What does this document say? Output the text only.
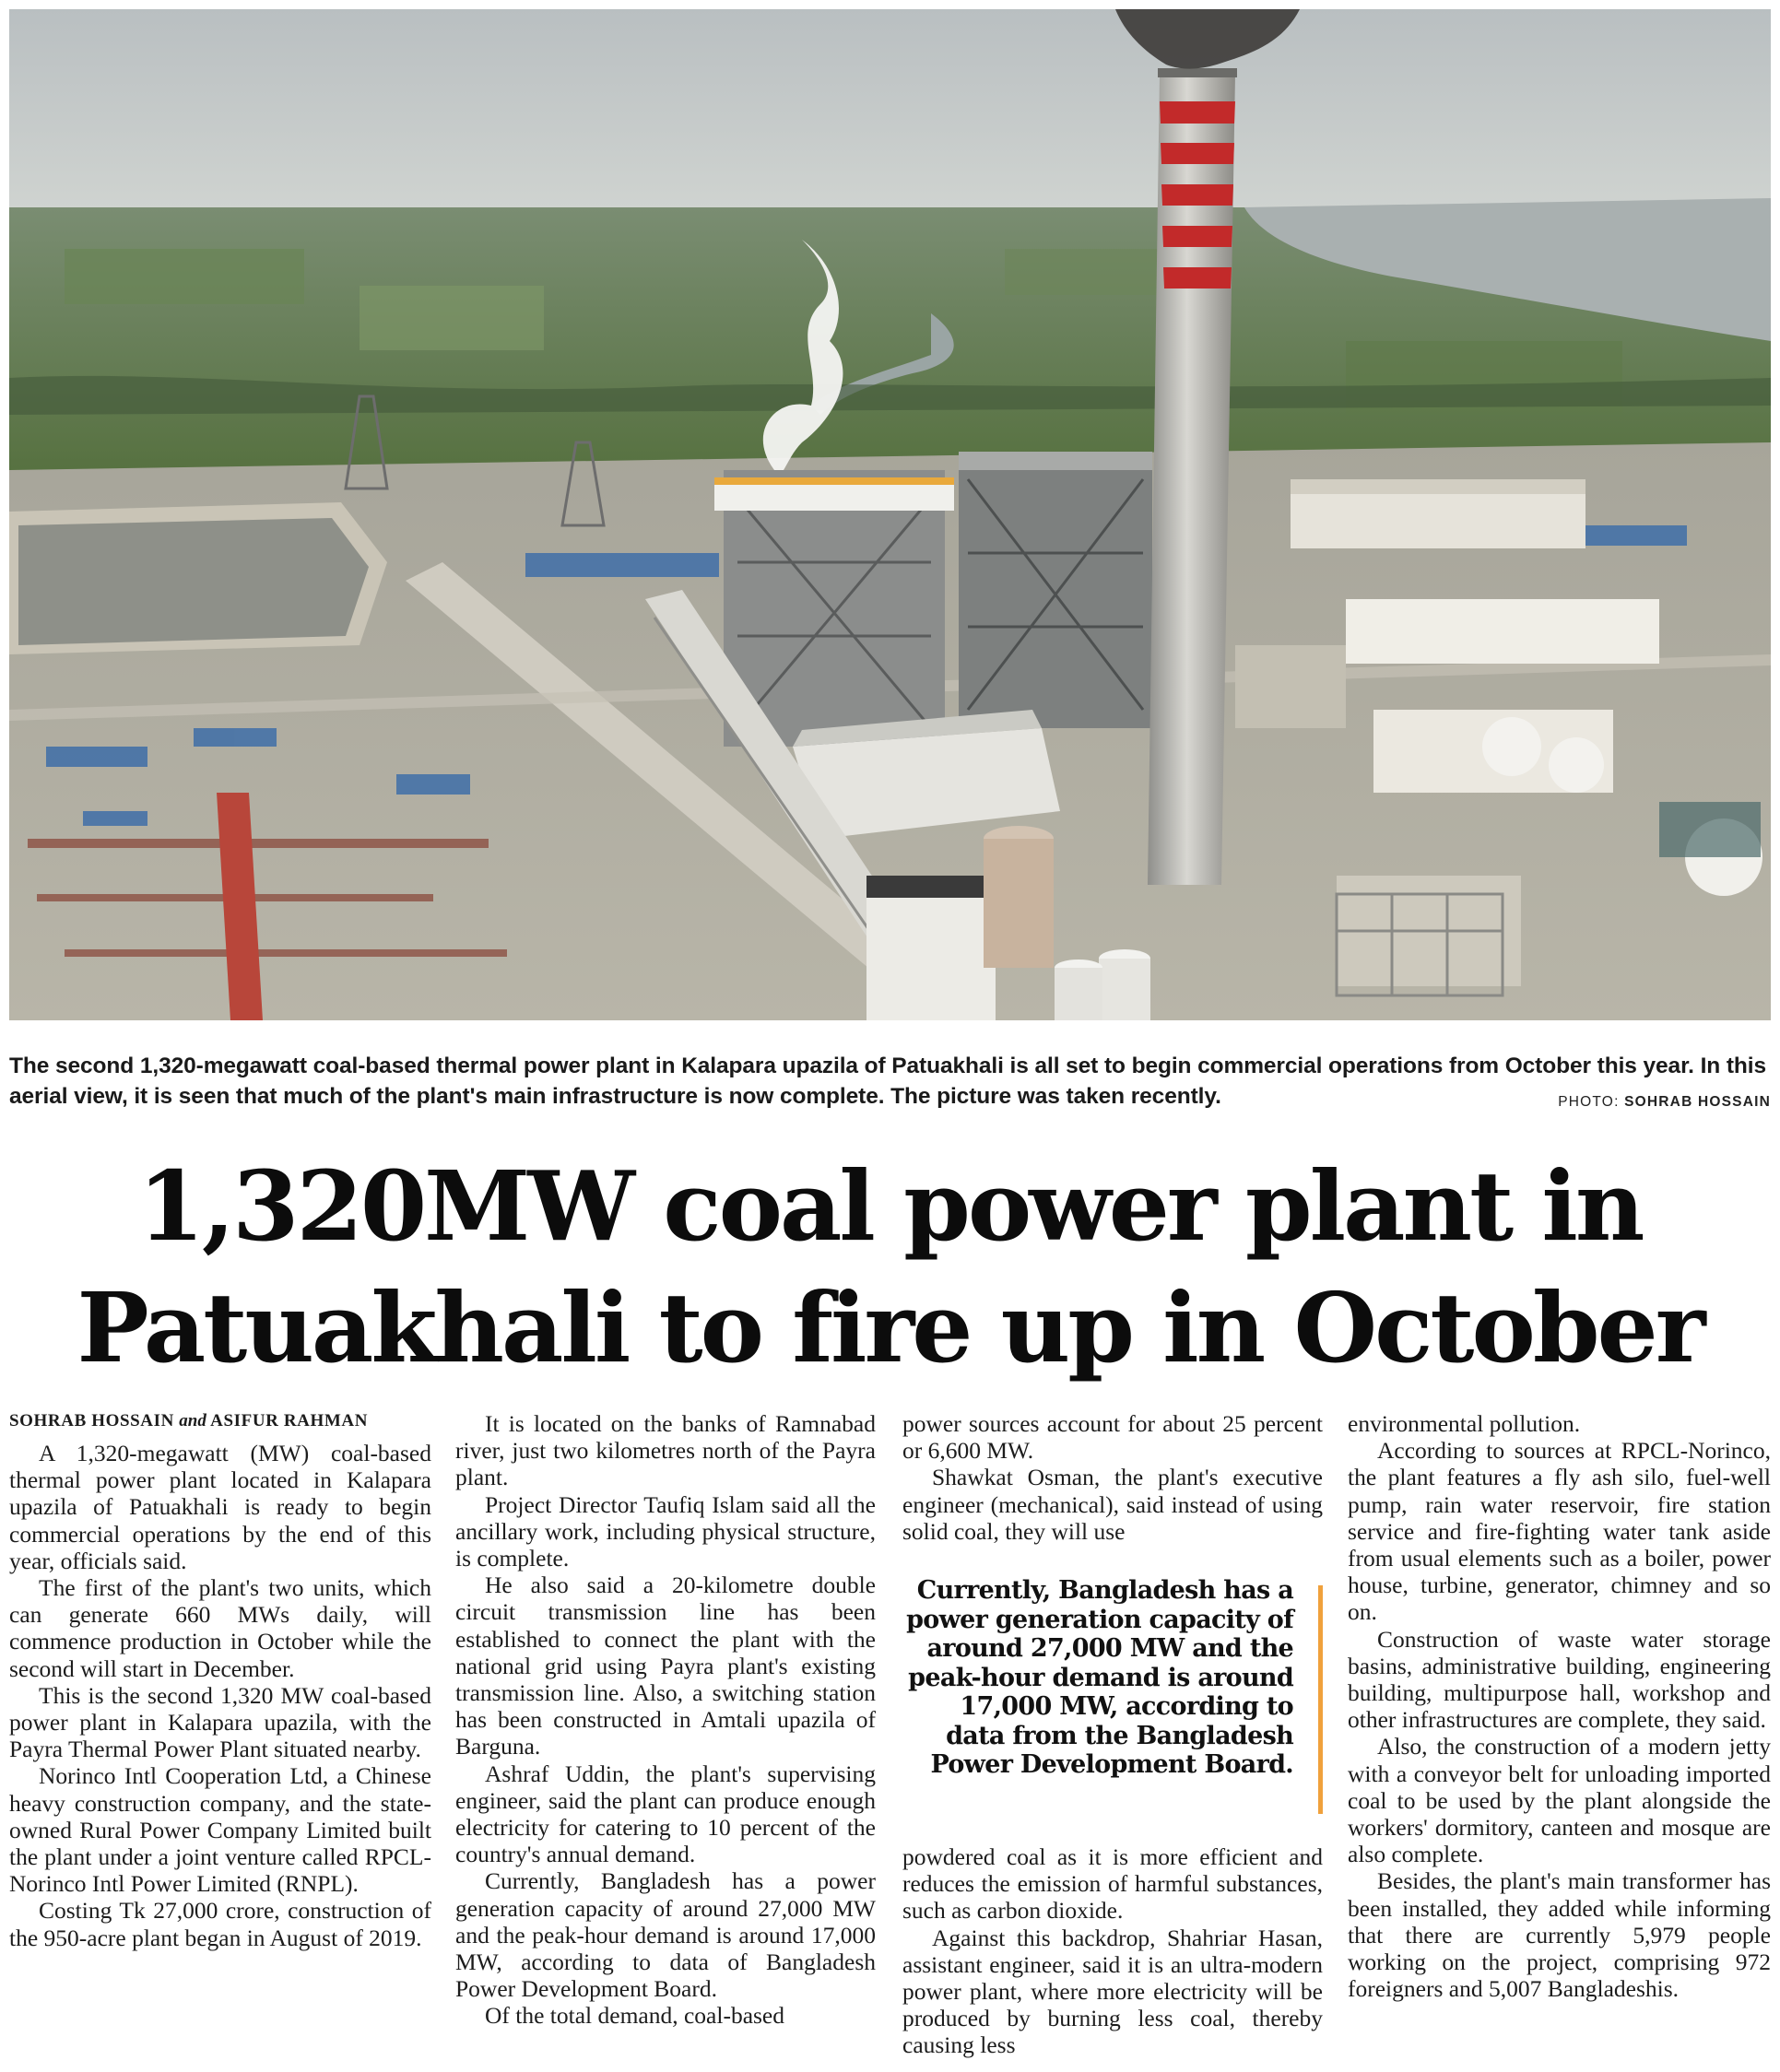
The second 1,320-megawatt coal-based thermal power plant in Kalapara upazila of Patuakhali is all set to begin commercial operations from October this year. In this aerial view, it is seen that much of the plant's main infrastructure is now complete. The picture was taken recently.	PHOTO: SOHRAB HOSSAIN
1,320MW coal power plant in
Patuakhali to fire up in October

SOHRAB HOSSAIN and ASIFUR RAHMAN

A 1,320-megawatt (MW) coal-based thermal power plant located in Kalapara upazila of Patuakhali is ready to begin commercial operations by the end of this year, officials said.

The first of the plant's two units, which can generate 660 MWs daily, will commence production in October while the second will start in December.

This is the second 1,320 MW coal-based power plant in Kalapara upazila, with the Payra Thermal Power Plant situated nearby.

Norinco Intl Cooperation Ltd, a Chinese heavy construction company, and the state-owned Rural Power Company Limited built the plant under a joint venture called RPCL-Norinco Intl Power Limited (RNPL).

Costing Tk 27,000 crore, construction of the 950-acre plant began in August of 2019.

It is located on the banks of Ramnabad river, just two kilometres north of the Payra plant.

Project Director Taufiq Islam said all the ancillary work, including physical structure, is complete.

He also said a 20-kilometre double circuit transmission line has been established to connect the plant with the national grid using Payra plant's existing transmission line. Also, a switching station has been constructed in Amtali upazila of Barguna.

Ashraf Uddin, the plant's supervising engineer, said the plant can produce enough electricity for catering to 10 percent of the country's annual demand.

Currently, Bangladesh has a power generation capacity of around 27,000 MW and the peak-hour demand is around 17,000 MW, according to data of Bangladesh Power Development Board.

Of the total demand, coal-based

power sources account for about 25 percent or 6,600 MW.

Shawkat Osman, the plant's executive engineer (mechanical), said instead of using solid coal, they will use

Currently, Bangladesh has a power generation capacity of around 27,000 MW and the peak-hour demand is around 17,000 MW, according to data from the Bangladesh Power Development Board.

powdered coal as it is more efficient and reduces the emission of harmful substances, such as carbon dioxide.

Against this backdrop, Shahriar Hasan, assistant engineer, said it is an ultra-modern power plant, where more electricity will be produced by burning less coal, thereby causing less

environmental pollution.

According to sources at RPCL-Norinco, the plant features a fly ash silo, fuel-well pump, rain water reservoir, fire station service and fire-fighting water tank aside from usual elements such as a boiler, power house, turbine, generator, chimney and so on.

Construction of waste water storage basins, administrative building, engineering building, multipurpose hall, workshop and other infrastructures are complete, they said.

Also, the construction of a modern jetty with a conveyor belt for unloading imported coal to be used by the plant alongside the workers' dormitory, canteen and mosque are also complete.

Besides, the plant's main transformer has been installed, they added while informing that there are currently 5,979 people working on the project, comprising 972 foreigners and 5,007 Bangladeshis.
